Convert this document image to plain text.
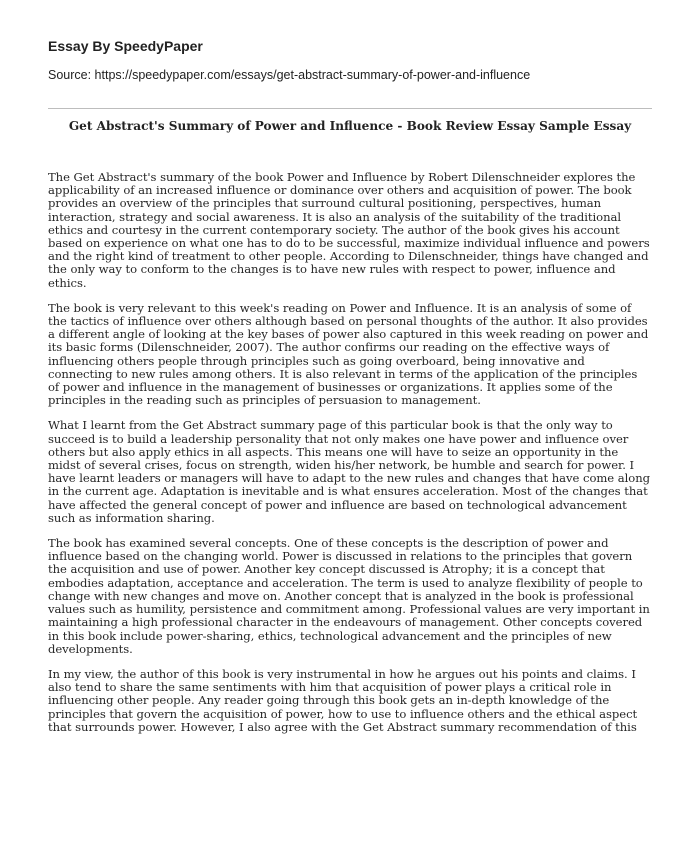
Essay By SpeedyPaper
Source: https://speedypaper.com/essays/get-abstract-summary-of-power-and-influence
Get Abstract's Summary of Power and Influence - Book Review Essay Sample Essay

The Get Abstract's summary of the book Power and Influence by Robert Dilenschneider explores the applicability of an increased influence or dominance over others and acquisition of power. The book provides an overview of the principles that surround cultural positioning, perspectives, human interaction, strategy and social awareness. It is also an analysis of the suitability of the traditional ethics and courtesy in the current contemporary society. The author of the book gives his account based on experience on what one has to do to be successful, maximize individual influence and powers and the right kind of treatment to other people. According to Dilenschneider, things have changed and the only way to conform to the changes is to have new rules with respect to power, influence and ethics.

The book is very relevant to this week's reading on Power and Influence. It is an analysis of some of the tactics of influence over others although based on personal thoughts of the author. It also provides a different angle of looking at the key bases of power also captured in this week reading on power and its basic forms (Dilenschneider, 2007). The author confirms our reading on the effective ways of influencing others people through principles such as going overboard, being innovative and connecting to new rules among others. It is also relevant in terms of the application of the principles of power and influence in the management of businesses or organizations. It applies some of the principles in the reading such as principles of persuasion to management.

What I learnt from the Get Abstract summary page of this particular book is that the only way to succeed is to build a leadership personality that not only makes one have power and influence over others but also apply ethics in all aspects. This means one will have to seize an opportunity in the midst of several crises, focus on strength, widen his/her network, be humble and search for power. I have learnt leaders or managers will have to adapt to the new rules and changes that have come along in the current age. Adaptation is inevitable and is what ensures acceleration. Most of the changes that have affected the general concept of power and influence are based on technological advancement such as information sharing.

The book has examined several concepts. One of these concepts is the description of power and influence based on the changing world. Power is discussed in relations to the principles that govern the acquisition and use of power. Another key concept discussed is Atrophy; it is a concept that embodies adaptation, acceptance and acceleration. The term is used to analyze flexibility of people to change with new changes and move on. Another concept that is analyzed in the book is professional values such as humility, persistence and commitment among. Professional values are very important in maintaining a high professional character in the endeavours of management. Other concepts covered in this book include power-sharing, ethics, technological advancement and the principles of new developments.

In my view, the author of this book is very instrumental in how he argues out his points and claims. I also tend to share the same sentiments with him that acquisition of power plays a critical role in influencing other people. Any reader going through this book gets an in-depth knowledge of the principles that govern the acquisition of power, how to use to influence others and the ethical aspect that surrounds power. However, I also agree with the Get Abstract summary recommendation of this
